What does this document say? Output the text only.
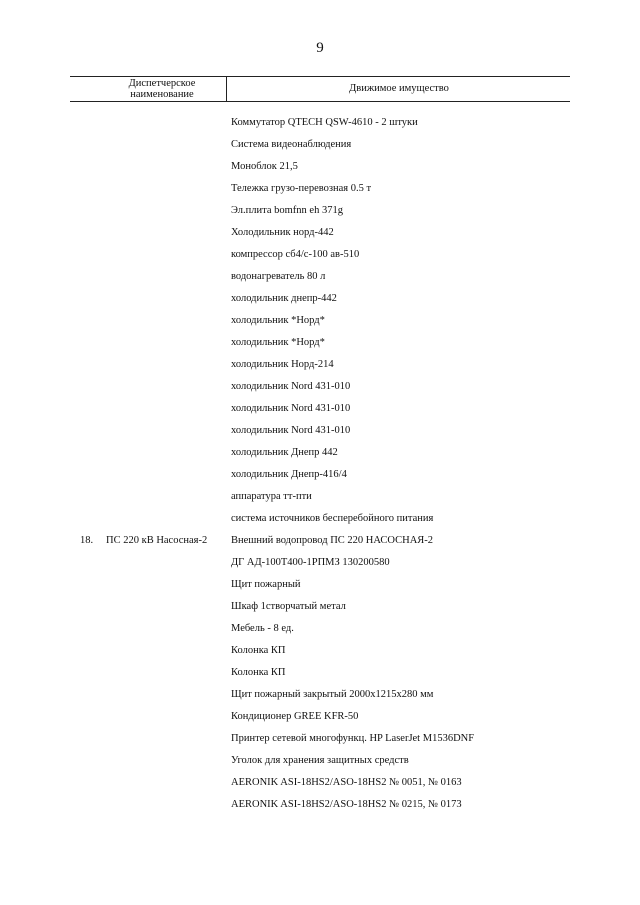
9
Диспетчерское наименование
Движимое имущество
Коммутатор QTECH QSW-4610 - 2 штуки
Система видеонаблюдения
Моноблок 21,5
Тележка грузо-перевозная 0.5 т
Эл.плита bomfnn eh 371g
Холодильник норд-442
компрессор сб4/с-100 ав-510
водонагреватель 80 л
холодильник днепр-442
холодильник *Норд*
холодильник *Норд*
холодильник Норд-214
холодильник Nord 431-010
холодильник Nord 431-010
холодильник Nord 431-010
холодильник Днепр 442
холодильник Днепр-416/4
аппаратура тт-пти
система источников бесперебойного питания
Внешний водопровод ПС 220 НАСОСНАЯ-2
ДГ АД-100Т400-1РПМЗ 130200580
Щит пожарный
Шкаф 1створчатый метал
Мебель - 8 ед.
Колонка КП
Колонка КП
Щит пожарный закрытый 2000х1215х280 мм
Кондиционер GREE KFR-50
Принтер сетевой многофункц. HP LaserJet M1536DNF
Уголок для хранения защитных средств
AERONIK ASI-18HS2/ASO-18HS2 № 0051, № 0163
AERONIK ASI-18HS2/ASO-18HS2 № 0215, № 0173
18. ПС 220 кВ Насосная-2
